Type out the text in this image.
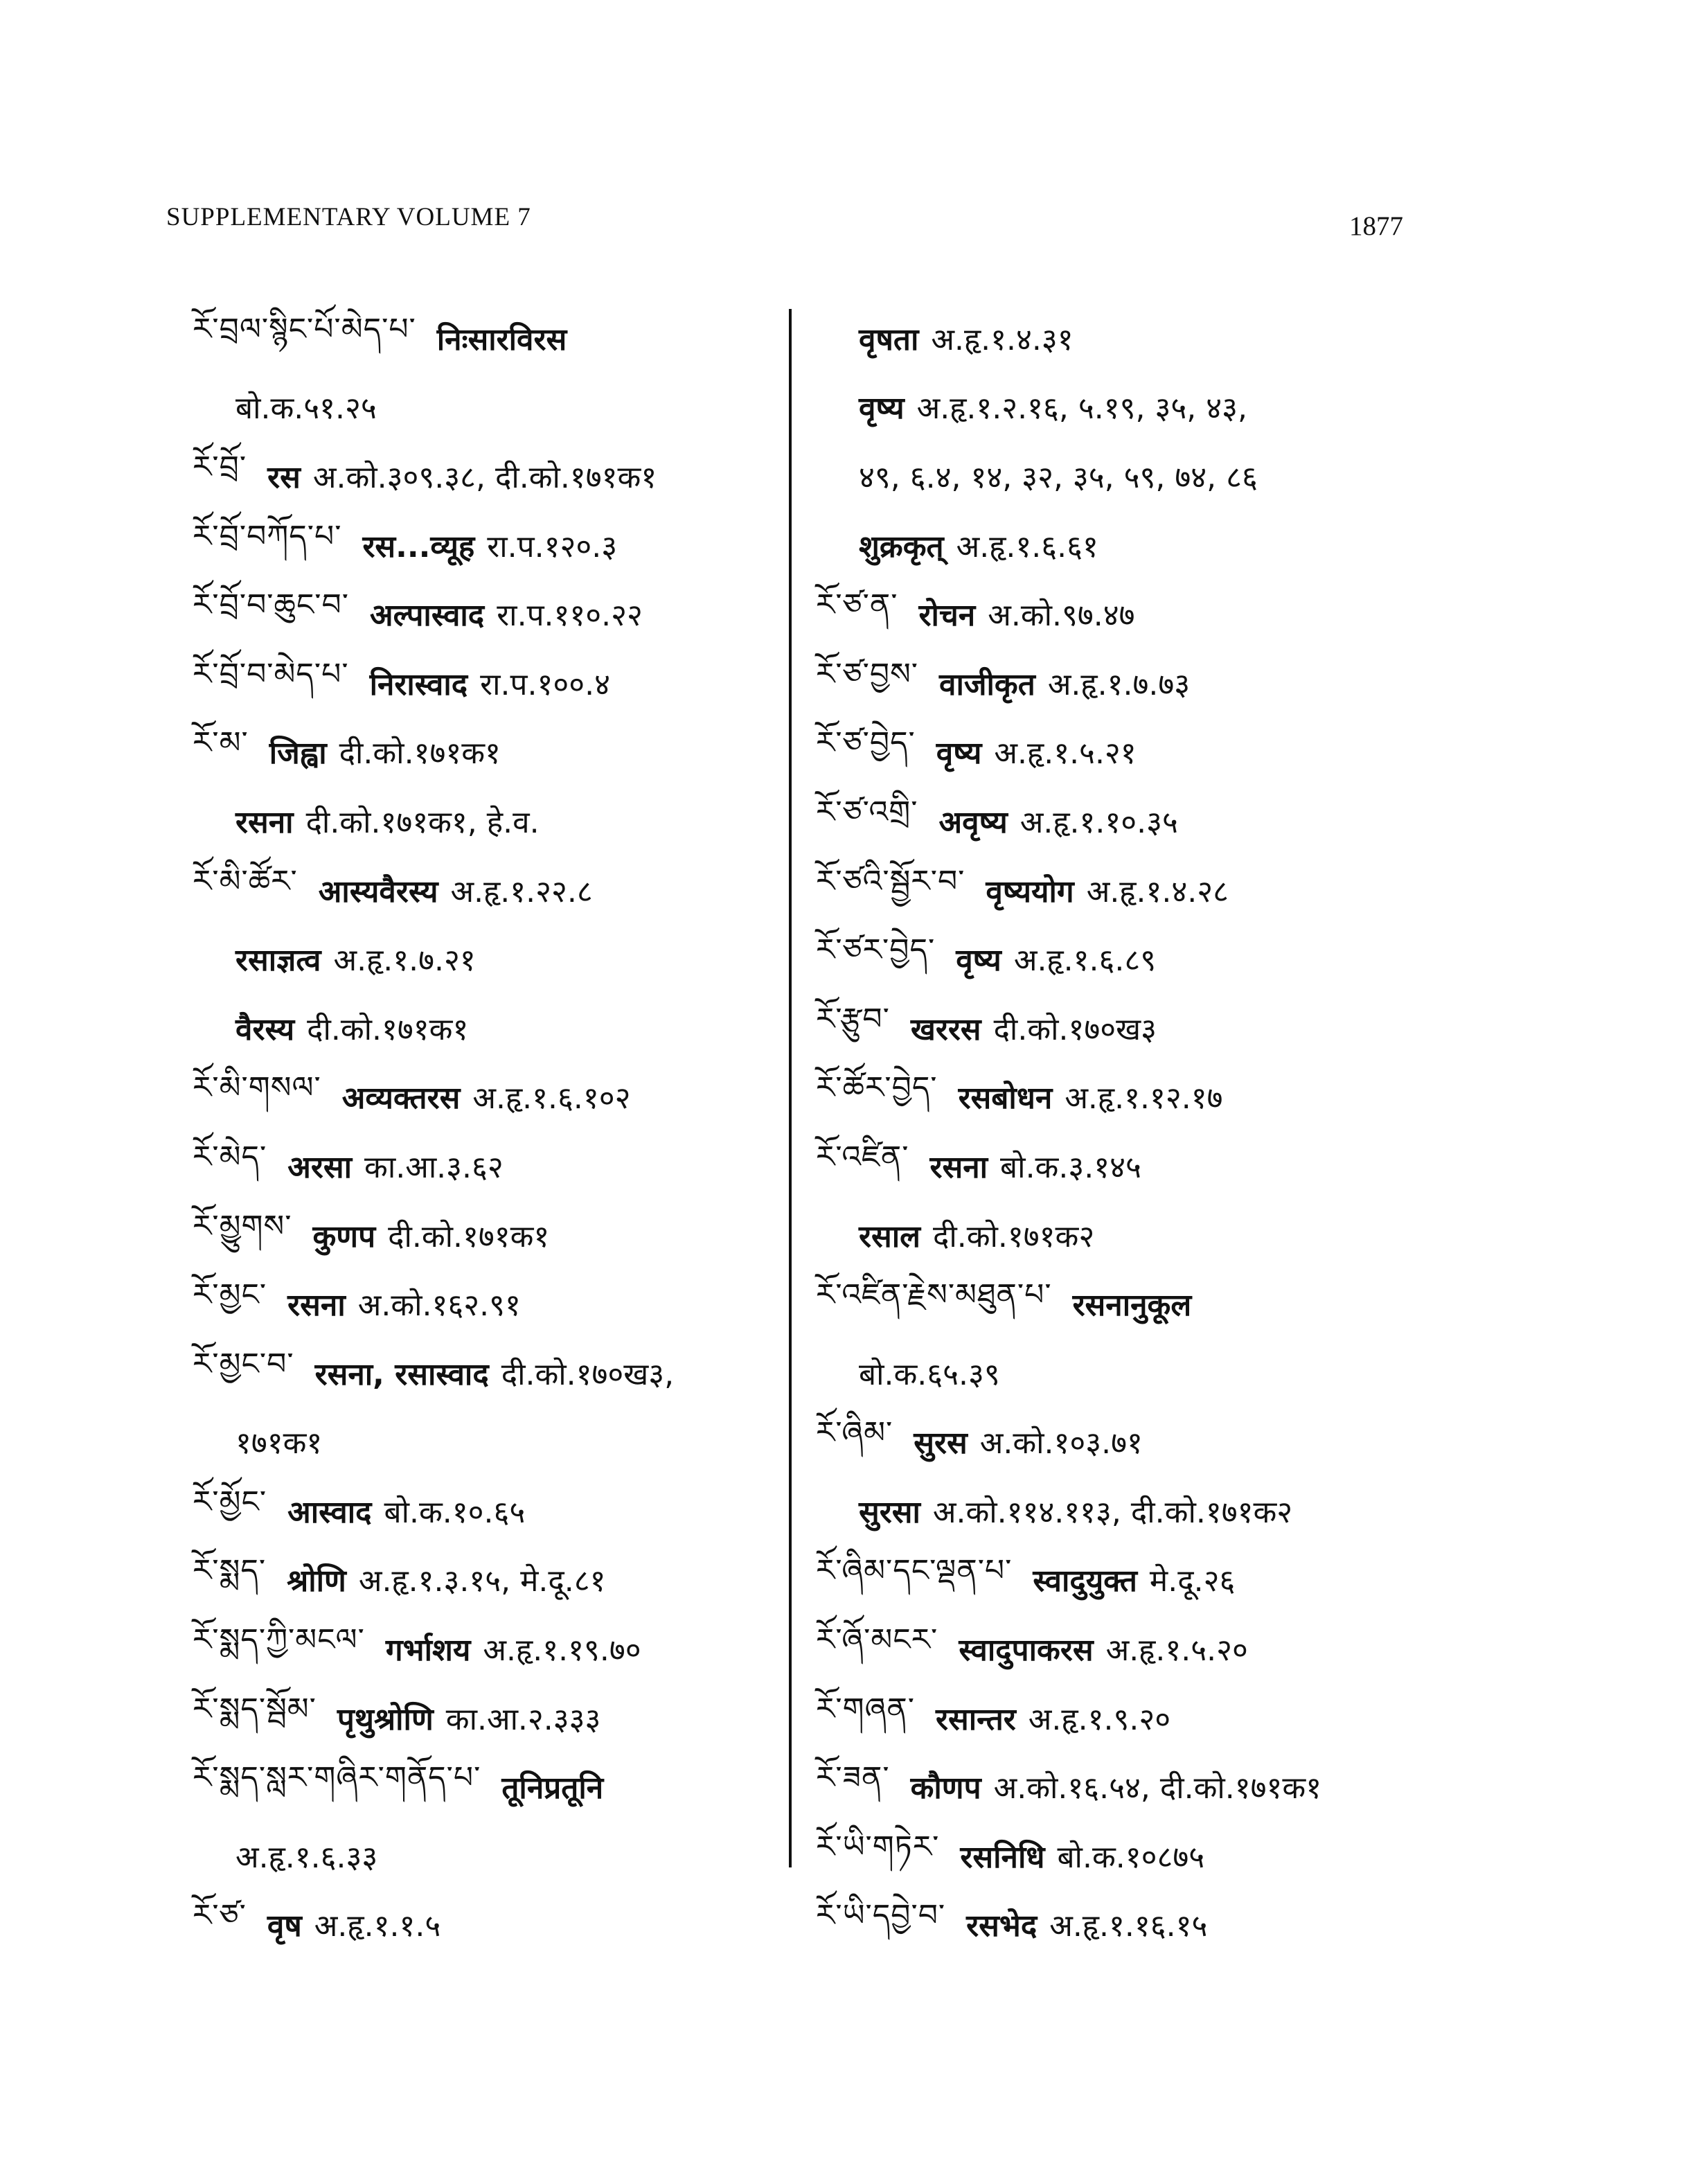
SUPPLEMENTARY VOLUME 7	1877
རོ་བྲལ་སྙིང་པོ་མེད་པ་ निःसारविरस
बो.क.५१.२५
རོ་བྲོ་ रस अ.को.३०९.३८, दी.को.१७१क१
རོ་བྲོ་བཀོད་པ་ रस...व्यूह रा.प.१२०.३
རོ་བྲོ་བ་ཆུང་བ་ अल्पास्वाद रा.प.११०.२२
རོ་བྲོ་བ་མེད་པ་ निरास्वाद रा.प.१००.४
རོ་མ་ जिह्वा दी.को.१७१क१
रसना दी.को.१७१क१, हे.व.
རོ་མི་ཚོར་ आस्यवैरस्य अ.हृ.१.२२.८
रसाज्ञत्व अ.हृ.१.७.२१
वैरस्य दी.को.१७१क१
རོ་མི་གསལ་ अव्यक्तरस अ.हृ.१.६.१०२
རོ་མེད་ अरसा का.आ.३.६२
རོ་མྱུགས་ कुणप दी.को.१७१क१
རོ་མྱང་ रसना अ.को.१६२.९१
རོ་མྱང་བ་ रसना, रसास्वाद दी.को.१७०ख३,
१७१क१
རོ་མྱོང་ आस्वाद बो.क.१०.६५
རོ་སྨད་ श्रोणि अ.हृ.१.३.१५, मे.दू.८१
རོ་སྨད་ཀྱི་མངལ་ गर्भाशय अ.हृ.१.१९.७०
རོ་སྨད་སྦོམ་ पृथुश्रोणि का.आ.२.३३३
རོ་སྨད་སླར་གཞིར་གནོད་པ་ तूनिप्रतूनि
अ.हृ.१.६.३३
རོ་ཙ་ वृष अ.हृ.१.१.५
वृषता अ.हृ.१.४.३१
वृष्य अ.हृ.१.२.१६, ५.१९, ३५, ४३,
४९, ६.४, १४, ३२, ३५, ५९, ७४, ८६
शुक्रकृत् अ.हृ.१.६.६१
རོ་ཙ་ན་ रोचन अ.को.९७.४७
རོ་ཙ་བྱས་ वाजीकृत अ.हृ.१.७.७३
རོ་ཙ་བྱེད་ वृष्य अ.हृ.१.५.२१
རོ་ཙ་འགྲི་ अवृष्य अ.हृ.१.१०.३५
རོ་ཙའི་སྦྱོར་བ་ वृष्ययोग अ.हृ.१.४.२८
རོ་ཙར་བྱེད་ वृष्य अ.हृ.१.६.८९
རོ་རྩུབ་ खररस दी.को.१७०ख३
རོ་ཚོར་བྱེད་ रसबोधन अ.हृ.१.१२.१७
རོ་འཛིན་ रसना बो.क.३.१४५
रसाल दी.को.१७१क२
རོ་འཛིན་རྗེས་མཐུན་པ་ रसनानुकूल
बो.क.६५.३९
རོ་ཞིམ་ सुरस अ.को.१०३.७१
सुरसा अ.को.११४.११३, दी.को.१७१क२
རོ་ཞིམ་དང་ལྡན་པ་ स्वादुयुक्त मे.दू.२६
རོ་ཞོ་མངར་ स्वादुपाकरस अ.हृ.१.५.२०
རོ་གཞན་ रसान्तर अ.हृ.१.९.२०
རོ་ཟན་ कौणप अ.को.१६.५४, दी.को.१७१क१
རོ་ཡི་གཏེར་ रसनिधि बो.क.१०८७५
རོ་ཡི་དབྱེ་བ་ रसभेद अ.हृ.१.१६.१५
